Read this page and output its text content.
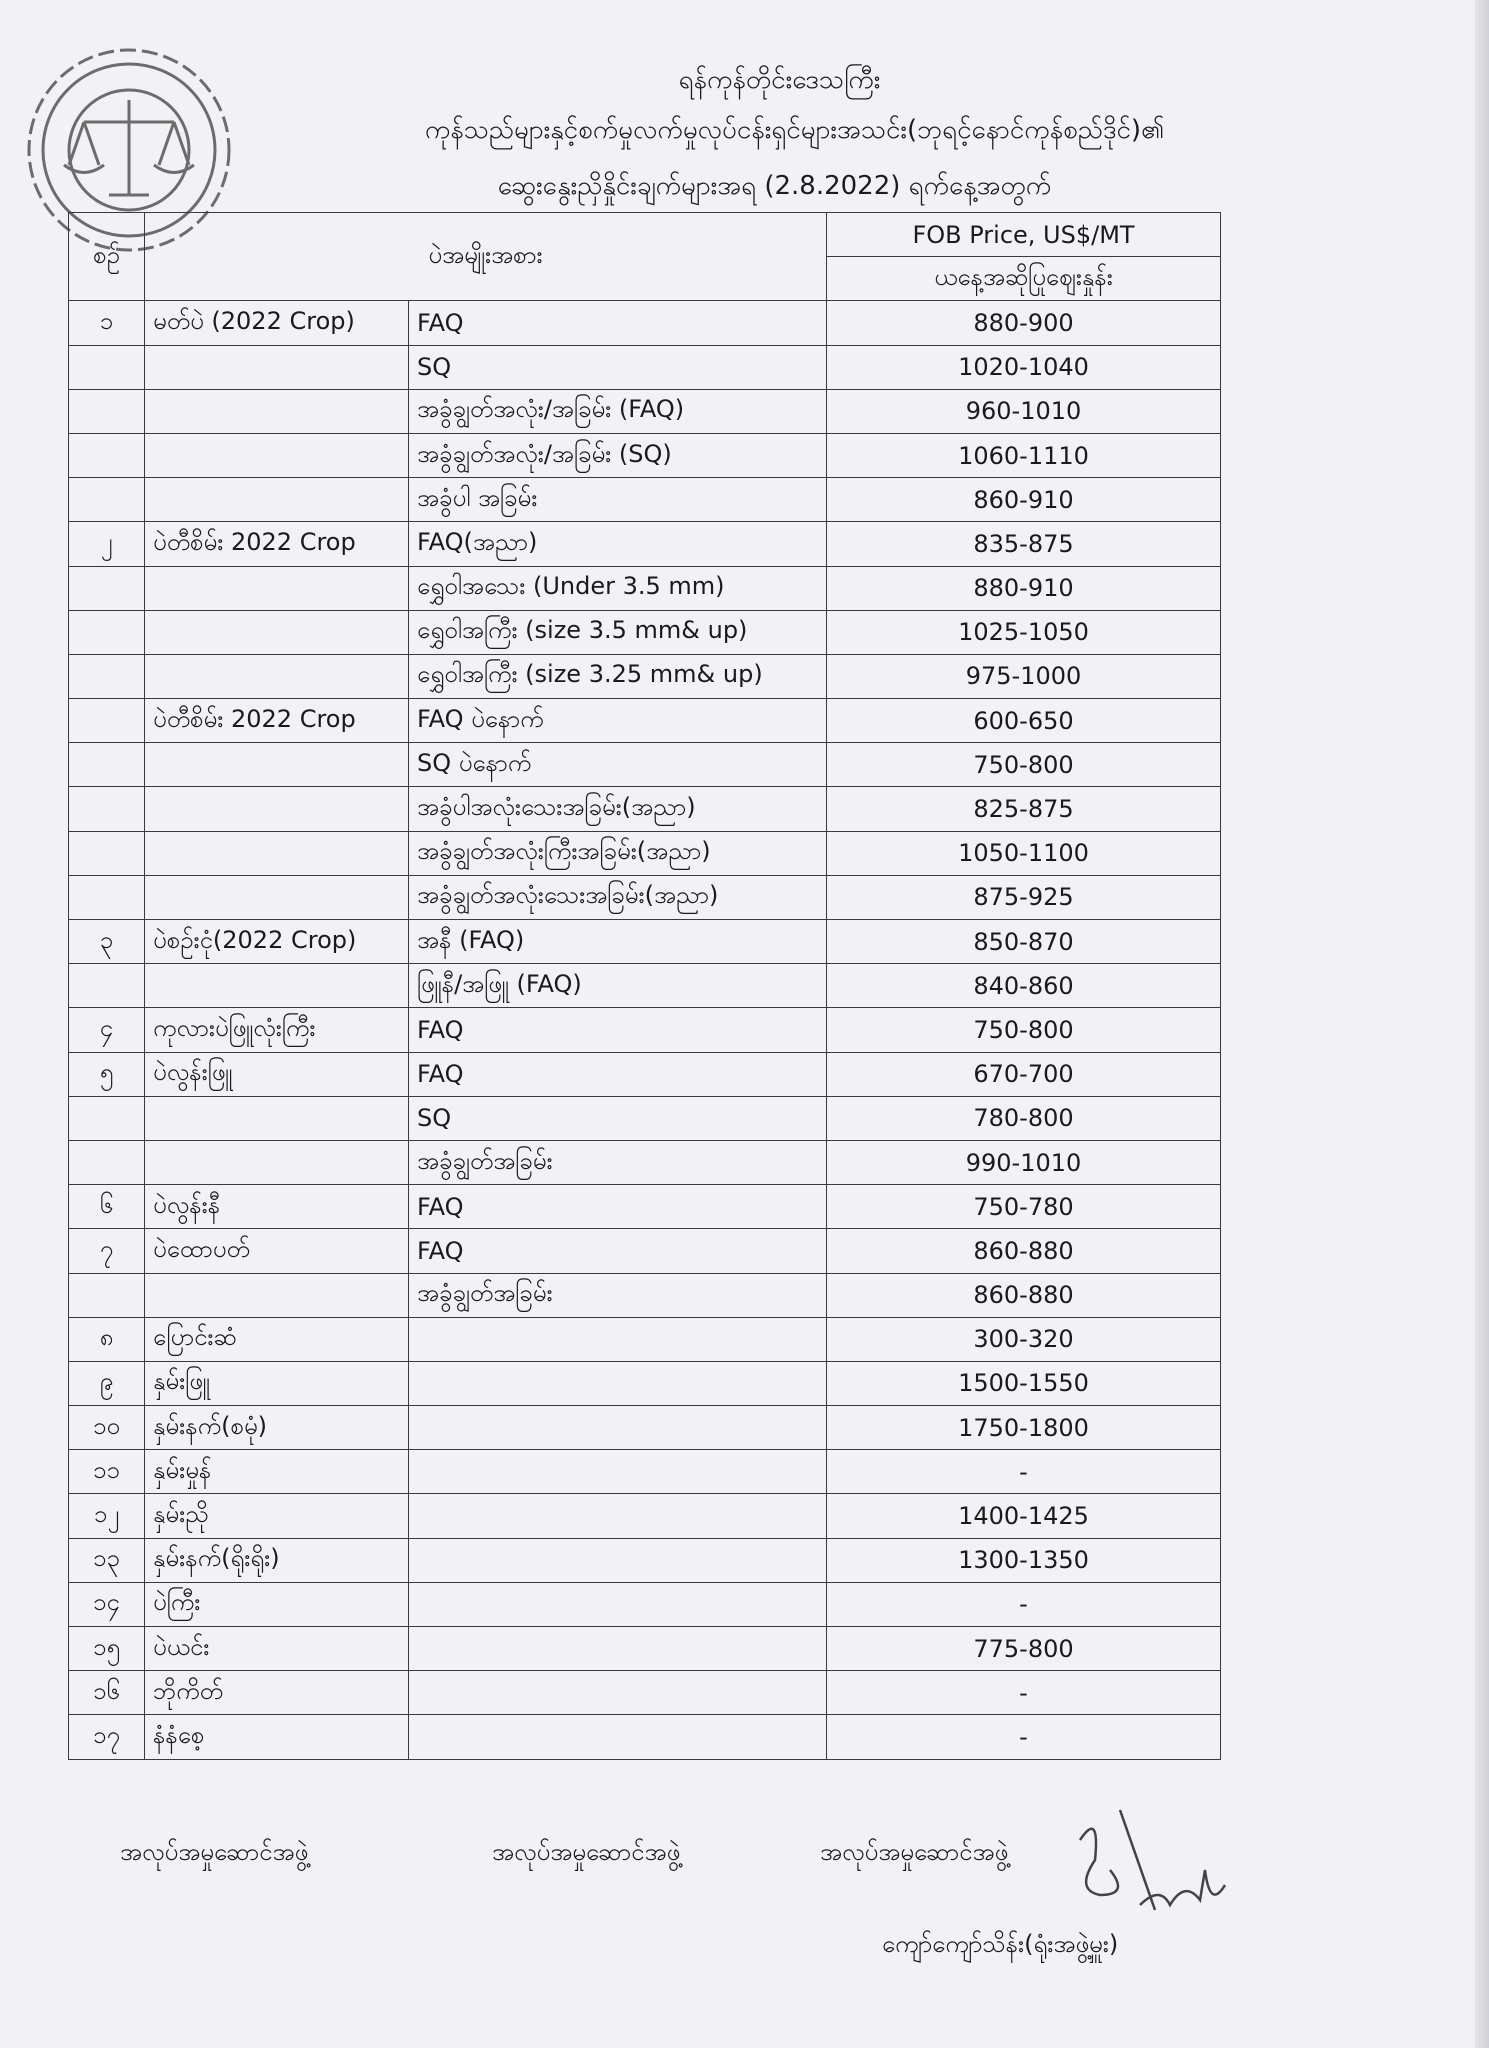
ရန်ကုန်တိုင်းဒေသကြီး
ကုန်သည်များနှင့်စက်မှုလက်မှုလုပ်ငန်းရှင်များအသင်း(ဘုရင့်နောင်ကုန်စည်ဒိုင်)၏
ဆွေးနွေးညှိနှိုင်းချက်များအရ (2.8.2022) ရက်နေ့အတွက်
စဉ်	ပဲအမျိုးအစား		FOB Price, US$/MT
			ယနေ့အဆိုပြုဈေးနှုန်း
၁	မတ်ပဲ (2022 Crop)	FAQ	880-900
		SQ	1020-1040
		အခွံချွတ်အလုံး/အခြမ်း (FAQ)	960-1010
		အခွံချွတ်အလုံး/အခြမ်း (SQ)	1060-1110
		အခွံပါ အခြမ်း	860-910
၂	ပဲတီစိမ်း 2022 Crop	FAQ(အညာ)	835-875
		ရွှေဝါအသေး (Under 3.5 mm)	880-910
		ရွှေဝါအကြီး (size 3.5 mm& up)	1025-1050
		ရွှေဝါအကြီး (size 3.25 mm& up)	975-1000
	ပဲတီစိမ်း 2022 Crop	FAQ ပဲနောက်	600-650
		SQ ပဲနောက်	750-800
		အခွံပါအလုံးသေးအခြမ်း(အညာ)	825-875
		အခွံချွတ်အလုံးကြီးအခြမ်း(အညာ)	1050-1100
		အခွံချွတ်အလုံးသေးအခြမ်း(အညာ)	875-925
၃	ပဲစဉ်းငုံ(2022 Crop)	အနီ (FAQ)	850-870
		ဖြူနီ/အဖြူ (FAQ)	840-860
၄	ကုလားပဲဖြူလုံးကြီး	FAQ	750-800
၅	ပဲလွန်းဖြူ	FAQ	670-700
		SQ	780-800
		အခွံချွတ်အခြမ်း	990-1010
၆	ပဲလွန်းနီ	FAQ	750-780
၇	ပဲထောပတ်	FAQ	860-880
		အခွံချွတ်အခြမ်း	860-880
၈	ပြောင်းဆံ		300-320
၉	နှမ်းဖြူ		1500-1550
၁၀	နှမ်းနက်(စမုံ)		1750-1800
၁၁	နှမ်းမှုန်		-
၁၂	နှမ်းညို		1400-1425
၁၃	နှမ်းနက်(ရိုးရိုး)		1300-1350
၁၄	ပဲကြီး		-
၁၅	ပဲယင်း		775-800
၁၆	ဘိုကိတ်		-
၁၇	နံနံစေ့		-
အလုပ်အမှုဆောင်အဖွဲ့	အလုပ်အမှုဆောင်အဖွဲ့	အလုပ်အမှုဆောင်အဖွဲ့
ကျော်ကျော်သိန်း(ရုံးအဖွဲ့မှူး)
